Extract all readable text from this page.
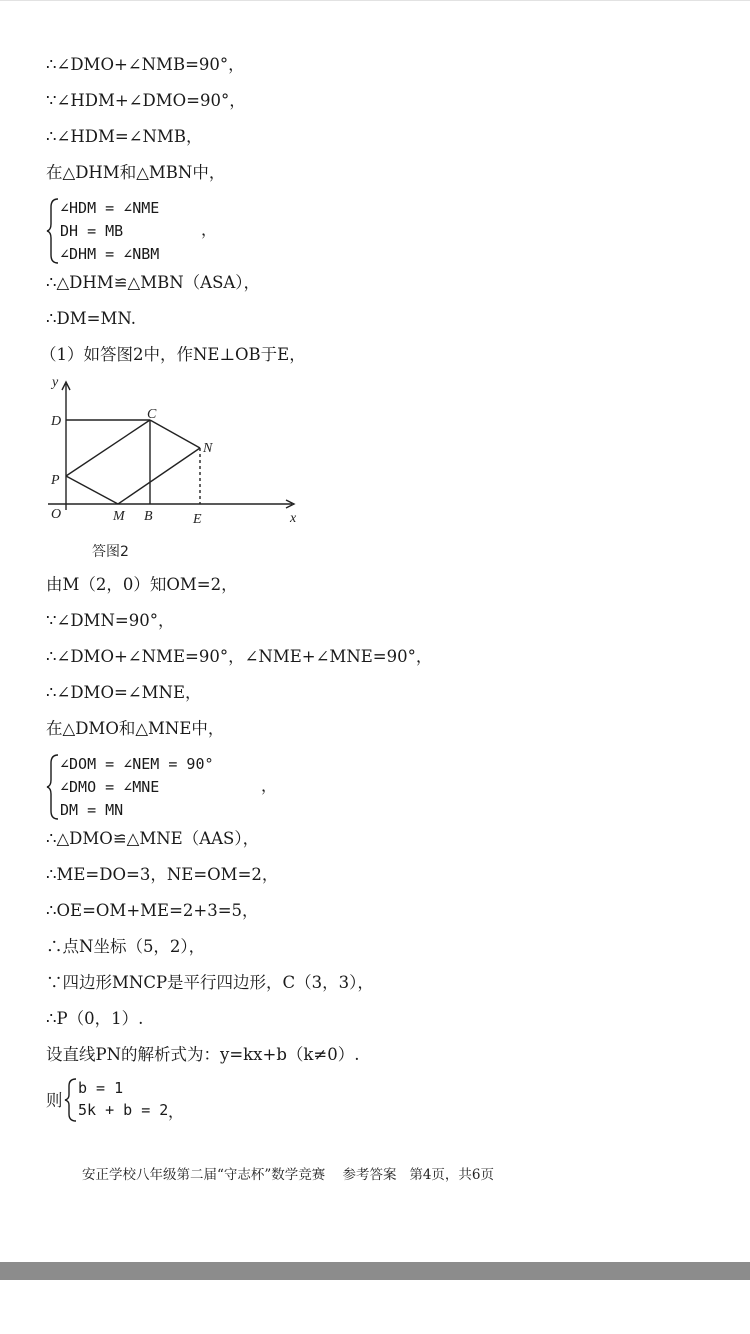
∴∠DMO+∠NMB=90°，
∵∠HDM+∠DMO=90°，
∴∠HDM=∠NMB，
在△DHM和△MBN中，
∠HDM = ∠NME
DH = MB
∠DHM = ∠NBM
，
∴△DHM≌△MBN（ASA），
∴DM=MN.
（1）如答图2中，作NE⊥OB于E，
y
x
D	C
N
P
O	M B	E
答图2
由M（2，0）知OM=2，
∵∠DMN=90°，
∴∠DMO+∠NME=90°，∠NME+∠MNE=90°，
∴∠DMO=∠MNE，
在△DMO和△MNE中，
∠DOM = ∠NEM = 90°
∠DMO = ∠MNE
DM = MN
，
∴△DMO≌△MNE（AAS），
∴ME=DO=3，NE=OM=2，
∴OE=OM+ME=2+3=5，
∴点N坐标（5，2），
∵四边形MNCP是平行四边形，C（3，3），
∴P（0，1）.
设直线PN的解析式为：y=kx+b（k≠0）.
则
b = 1
5k + b = 2 ，
安正学校八年级第二届“守志杯”数学竞赛    参考答案   第4页，共6页
